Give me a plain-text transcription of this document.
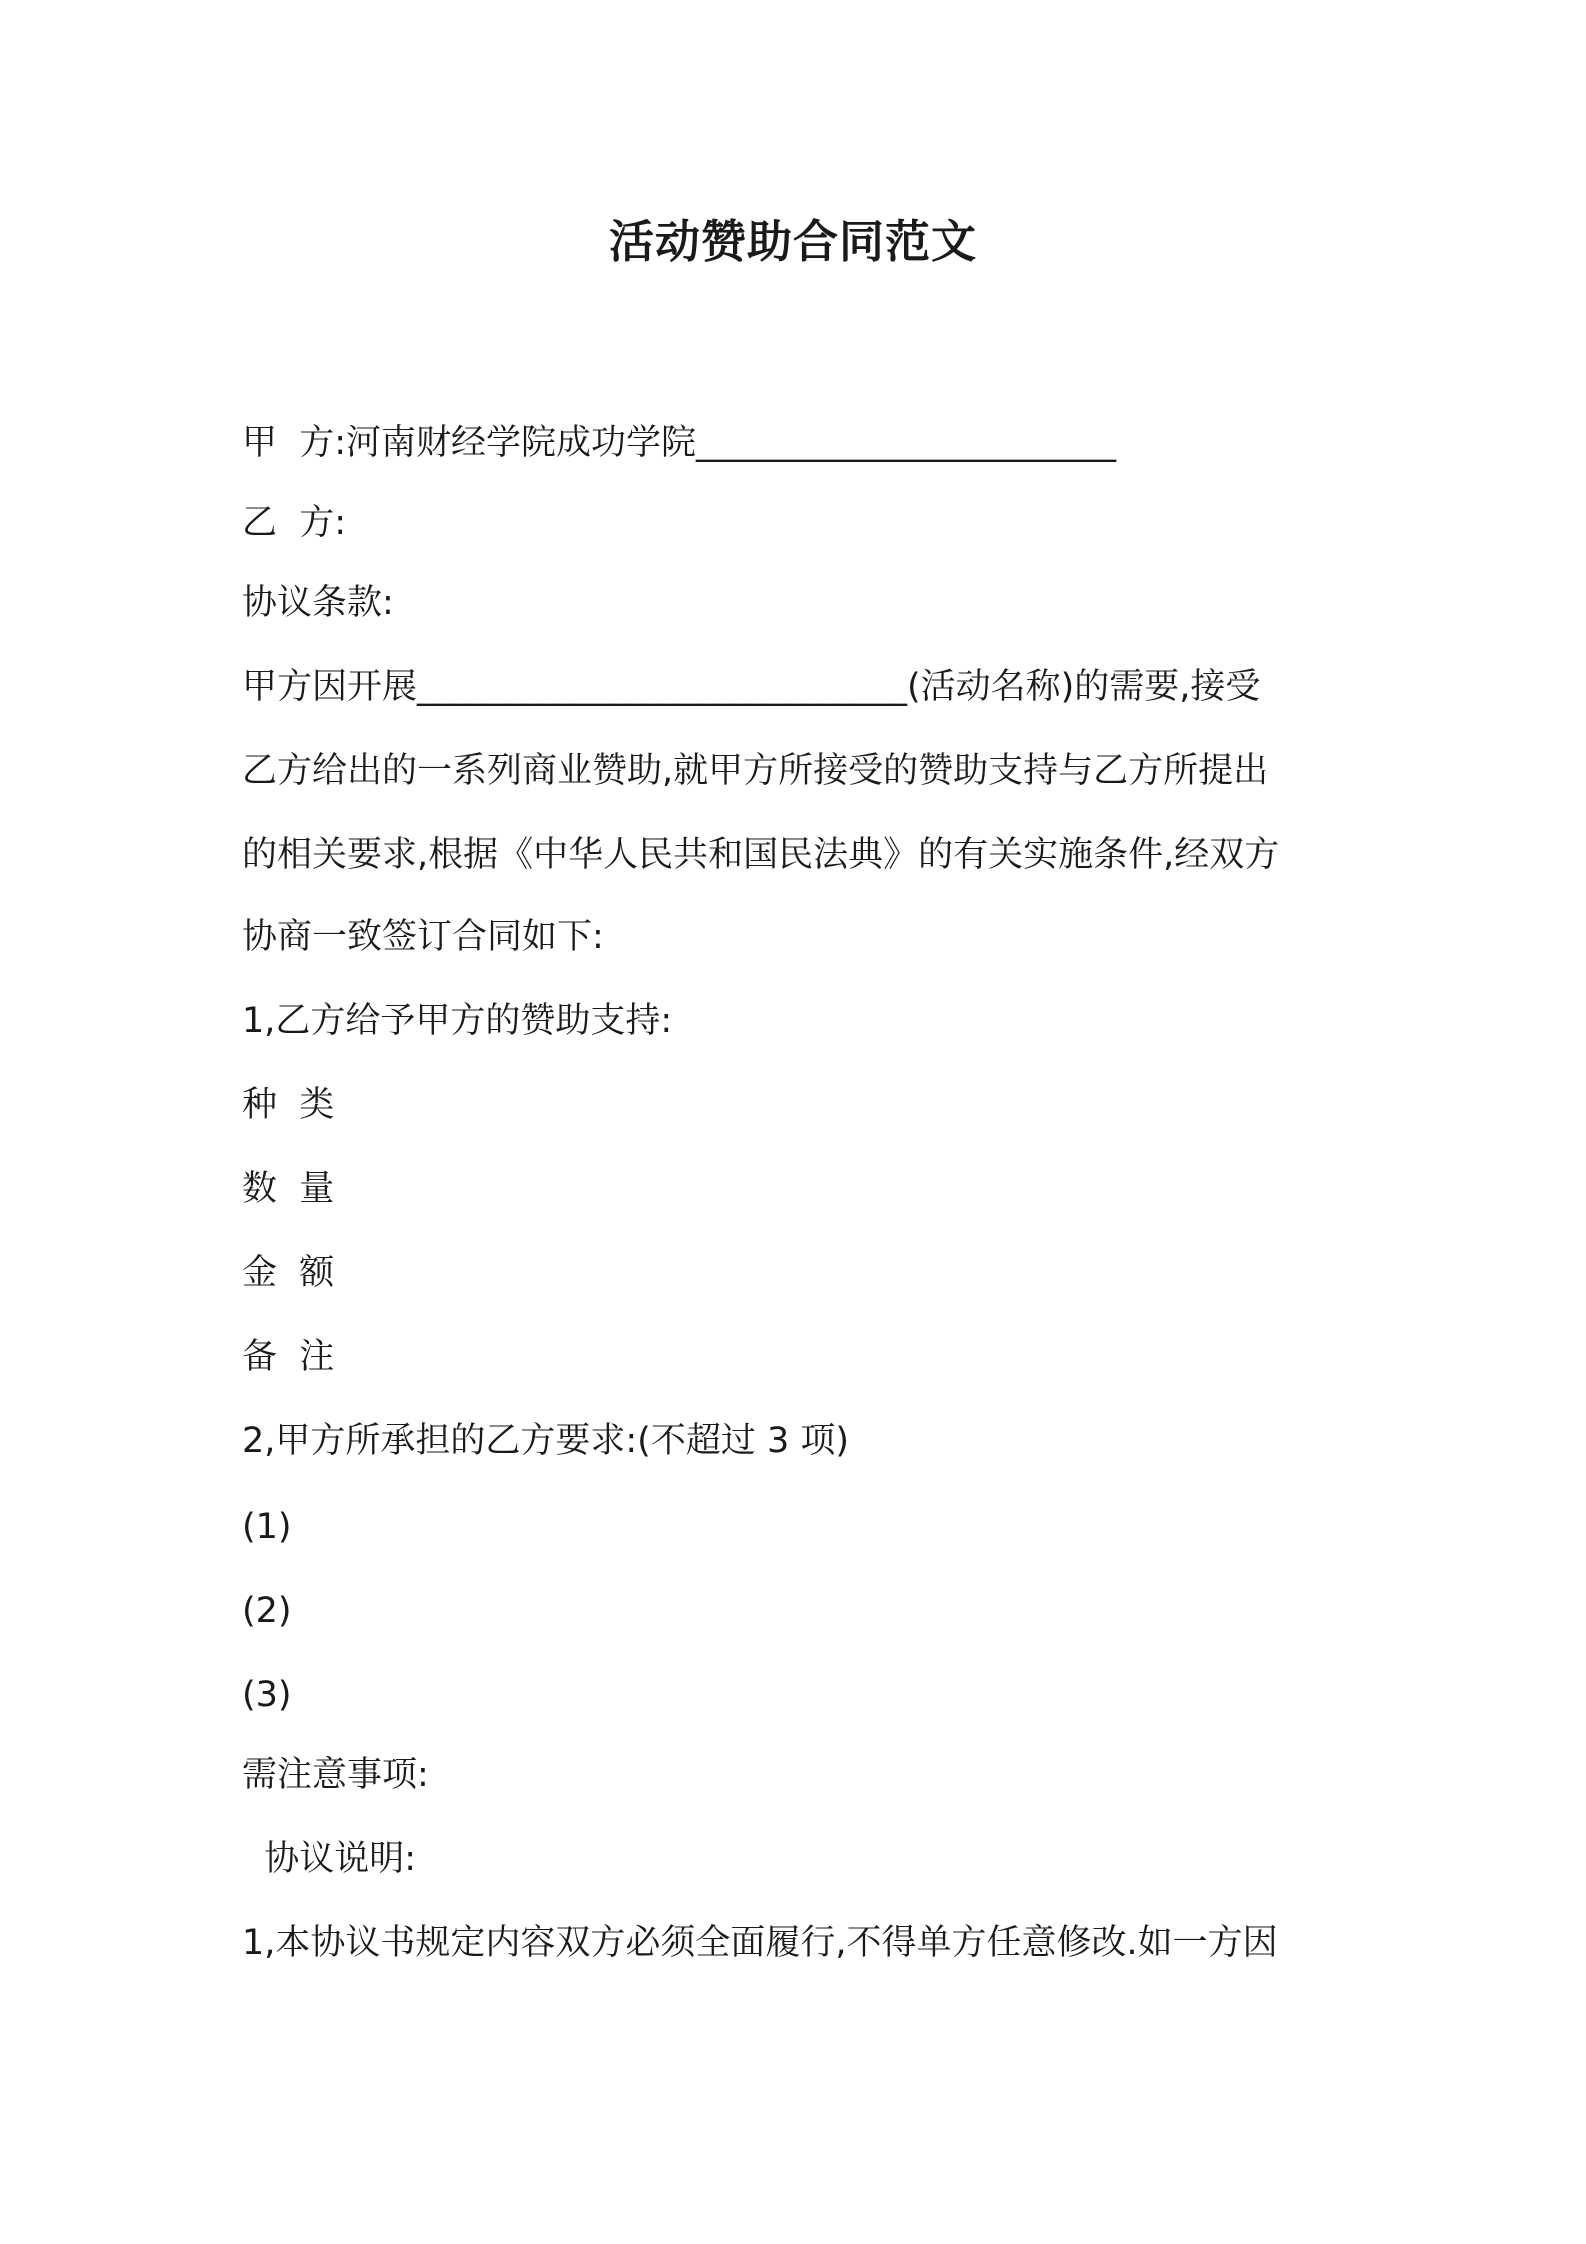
活动赞助合同范文

甲  方:河南财经学院成功学院________________________

乙  方:

协议条款:

甲方因开展____________________________(活动名称)的需要,接受

乙方给出的一系列商业赞助,就甲方所接受的赞助支持与乙方所提出

的相关要求,根据《中华人民共和国民法典》的有关实施条件,经双方

协商一致签订合同如下:

1,乙方给予甲方的赞助支持:

种  类

数  量

金  额

备  注

2,甲方所承担的乙方要求:(不超过 3 项)

(1)

(2)

(3)

需注意事项:

协议说明:

1,本协议书规定内容双方必须全面履行,不得单方任意修改.如一方因
